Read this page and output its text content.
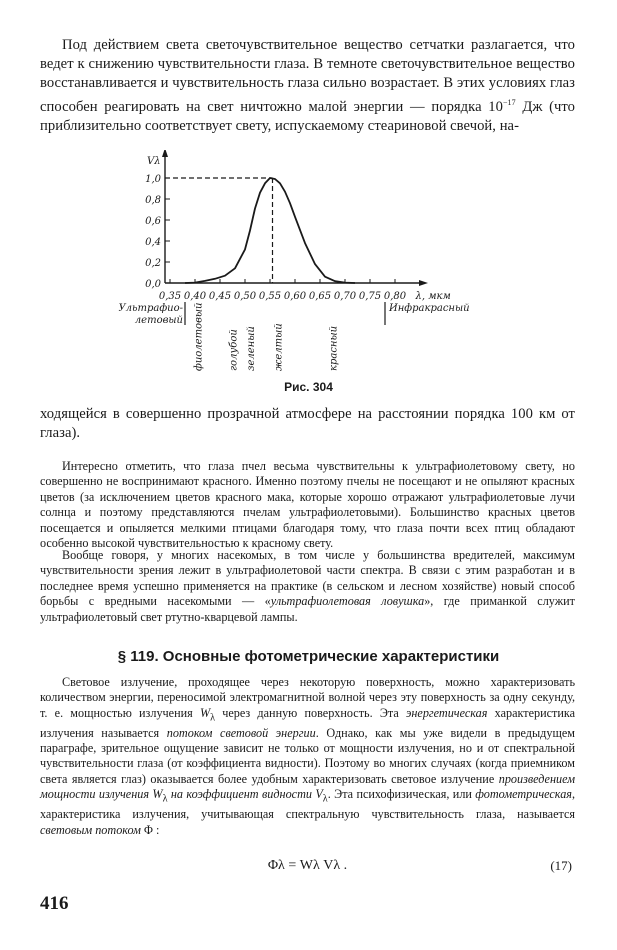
Под действием света светочувствительное вещество сетчатки разлагается, что ведет к снижению чувствительности глаза. В темноте светочувствительное вещество восстанавливается и чувствительность глаза сильно возрастает. В этих условиях глаз способен реагировать на свет ничтожно малой энергии — порядка $10^{-17}$ Дж (что приблизительно соответствует свету, испускаемому стеариновой свечой, на-
Vλ
λ, мкм
0,0
0,2
0,4
0,6
0,8
1,0
0,35 0,40 0,45 0,50 0,55 0,60 0,65 0,70 0,75 0,80
Ультрафио-
летовый
Инфракрасный
фиолетовый голубой зеленый желтый	красный
Рис. 304
ходящейся в совершенно прозрачной атмосфере на расстоянии порядка 100 км от глаза).
Интересно отметить, что глаза пчел весьма чувствительны к ультрафиолетовому свету, но совершенно не воспринимают красного. Именно поэтому пчелы не посещают и не опыляют красных цветов (за исключением цветов красного мака, которые хорошо отражают ультрафиолетовые лучи солнца и поэтому представляются пчелам ультрафиолетовыми). Большинство красных цветов посещается и опыляется мелкими птицами благодаря тому, что глаза почти всех птиц обладают особенно высокой чувствительностью к красному свету.
Вообще говоря, у многих насекомых, в том числе у большинства вредителей, максимум чувствительности зрения лежит в ультрафиолетовой части спектра. В связи с этим разработан и в последнее время успешно применяется на практике (в сельском и лесном хозяйстве) новый способ борьбы с вредными насекомыми — «ультрафиолетовая ловушка», где приманкой служит ультрафиолетовый свет ртутно-кварцевой лампы.
§ 119. Основные фотометрические характеристики
Световое излучение, проходящее через некоторую поверхность, можно характеризовать количеством энергии, переносимой электромагнитной волной через эту поверхность за одну секунду, т. е. мощностью излучения $W_\lambda$ через данную поверхность. Эта энергетическая характеристика излучения называется потоком световой энергии. Однако, как мы уже видели в предыдущем параграфе, зрительное ощущение зависит не только от мощности излучения, но и от спектральной чувствительности глаза (от коэффициента видности). Поэтому во многих случаях (когда приемником света является глаз) оказывается более удобным характеризовать световое излучение произведением мощности излучения $W_\lambda$ на коэффициент видности $V_\lambda$. Эта психофизическая, или фотометрическая, характеристика излучения, учитывающая спектральную чувствительность глаза, называется световым потоком Φ :
Φλ = Wλ Vλ .	(17)
416
